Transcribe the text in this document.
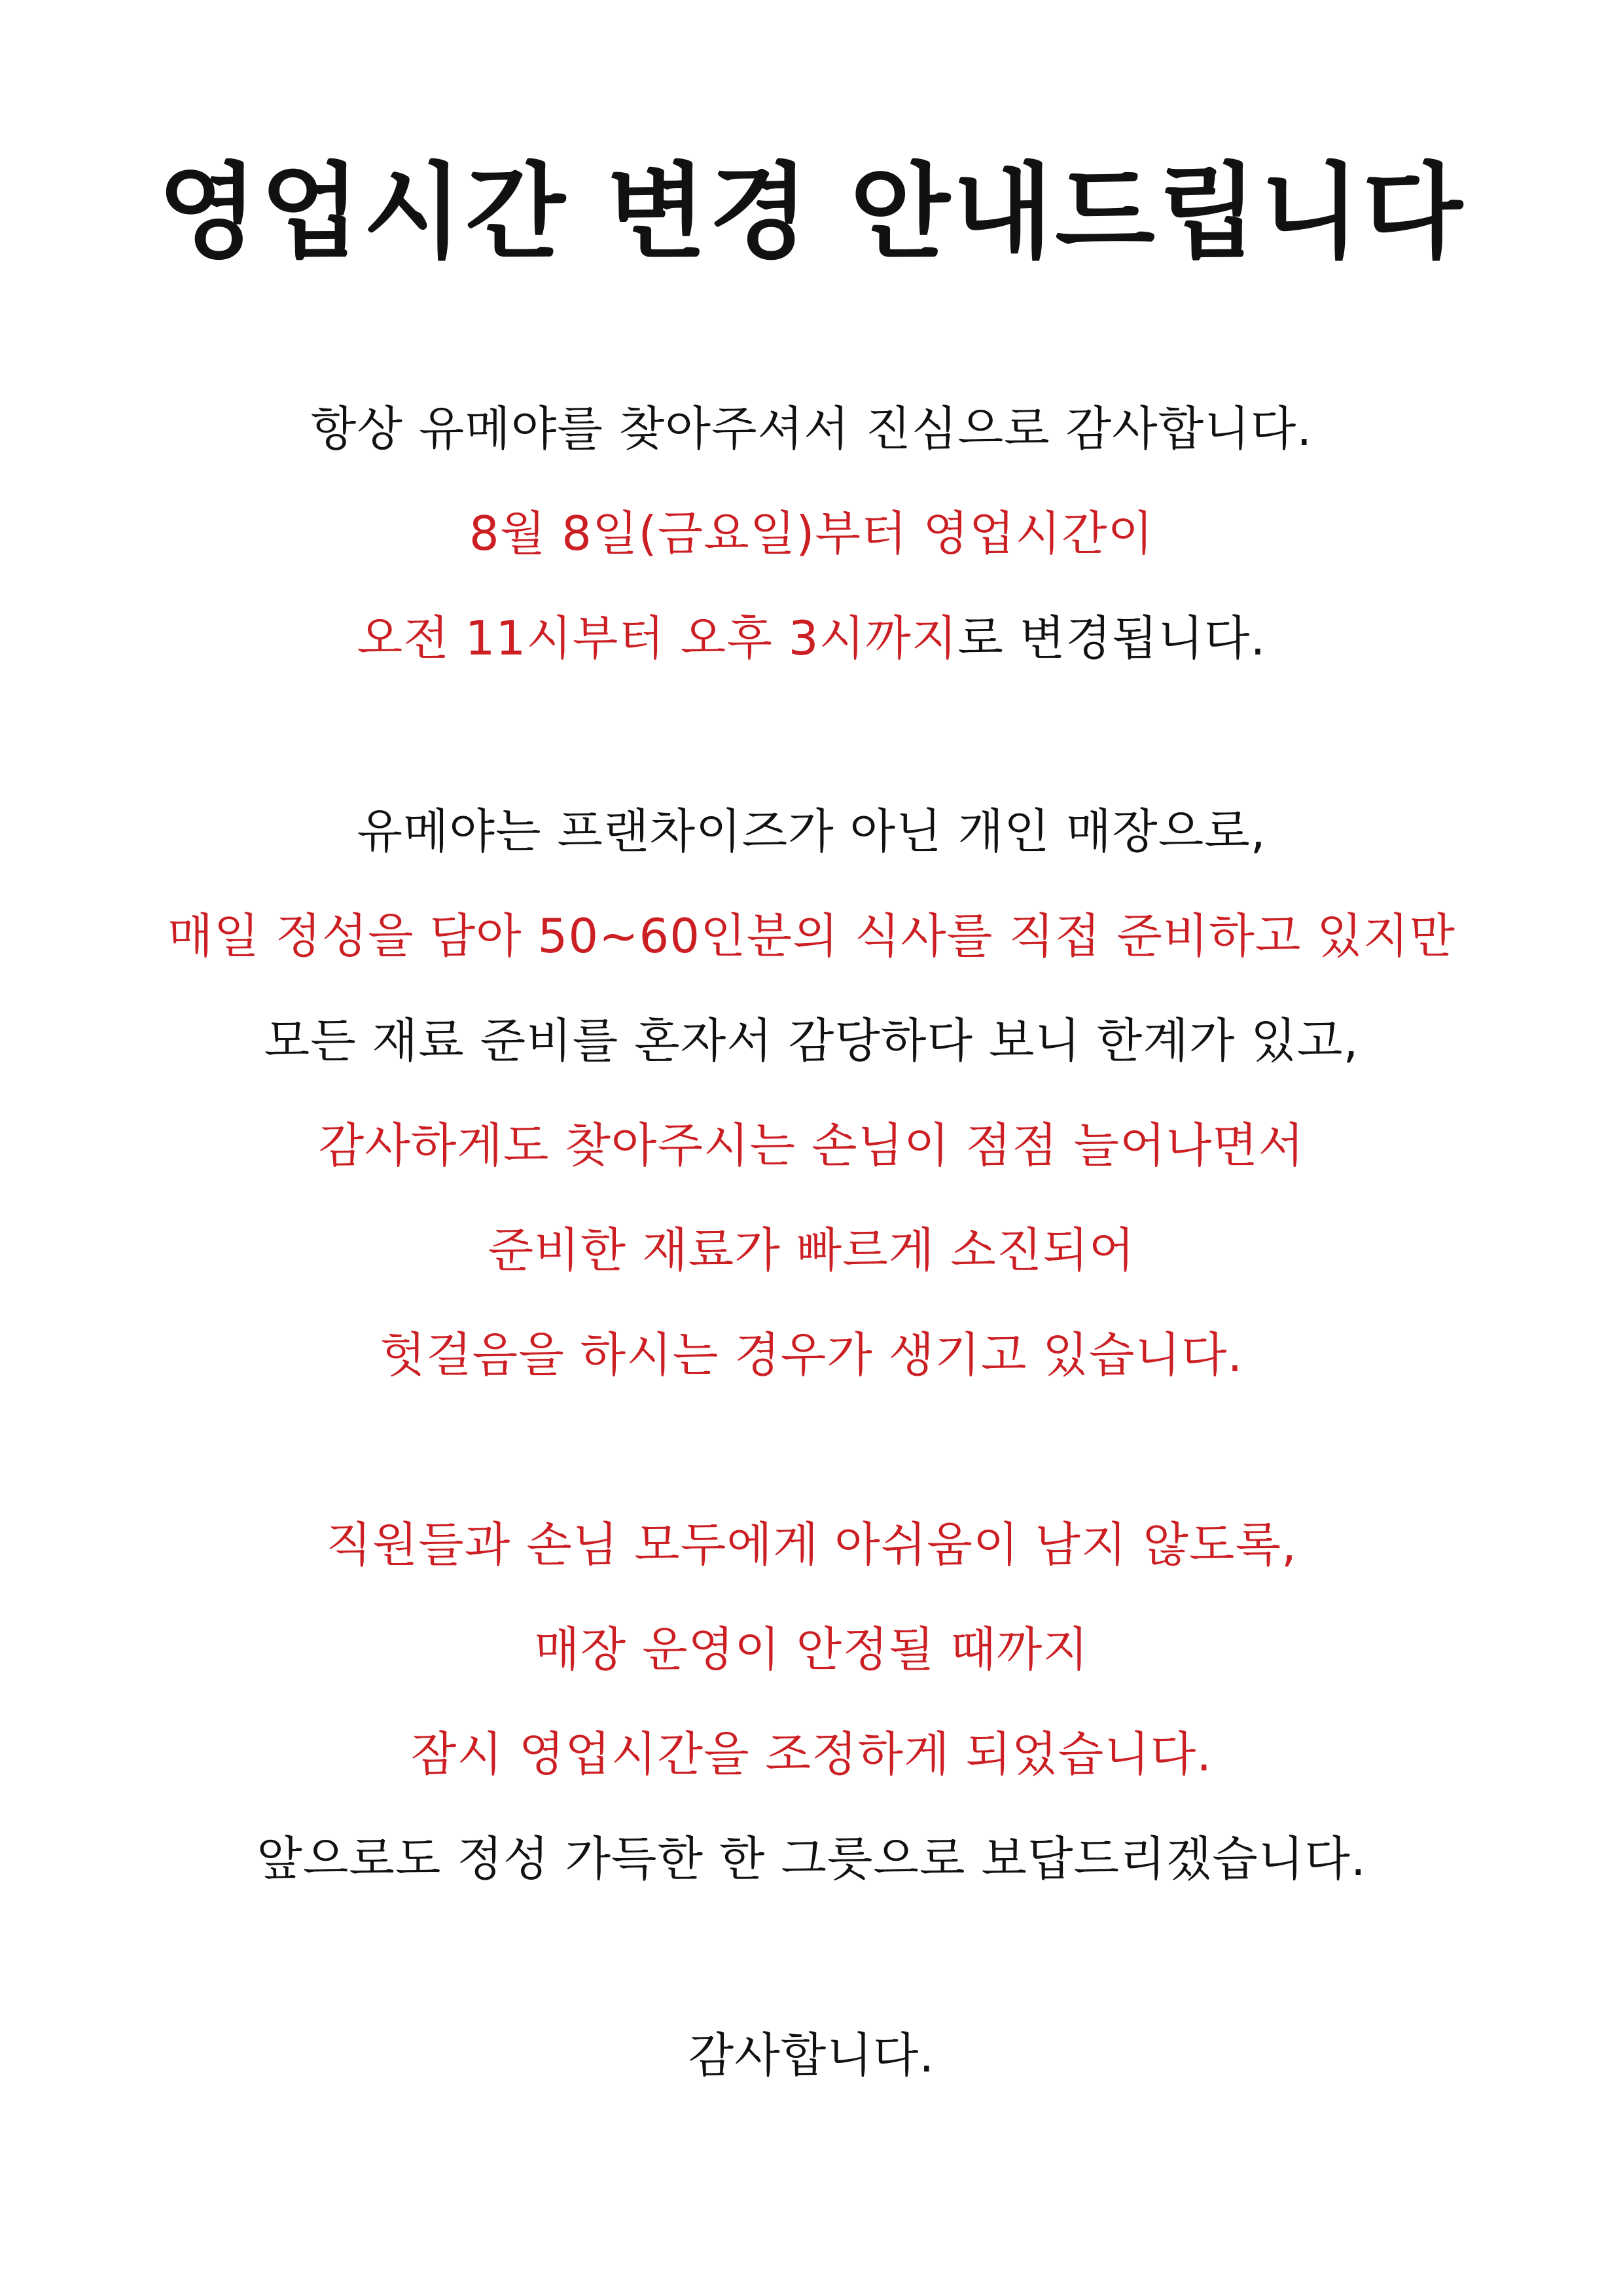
영업시간 변경 안내드립니다

항상 유메야를 찾아주셔서 진심으로 감사합니다.

8월 8일(금요일)부터 영업시간이

오전 11시부터 오후 3시까지로 변경됩니다.

유메야는 프랜차이즈가 아닌 개인 매장으로,

매일 정성을 담아 50~60인분의 식사를 직접 준비하고 있지만

모든 재료 준비를 혼자서 감당하다 보니 한계가 있고,

감사하게도 찾아주시는 손님이 점점 늘어나면서

준비한 재료가 빠르게 소진되어

헛걸음을 하시는 경우가 생기고 있습니다.

직원들과 손님 모두에게 아쉬움이 남지 않도록,

매장 운영이 안정될 때까지

잠시 영업시간을 조정하게 되었습니다.

앞으로도 정성 가득한 한 그릇으로 보답드리겠습니다.

감사합니다.
